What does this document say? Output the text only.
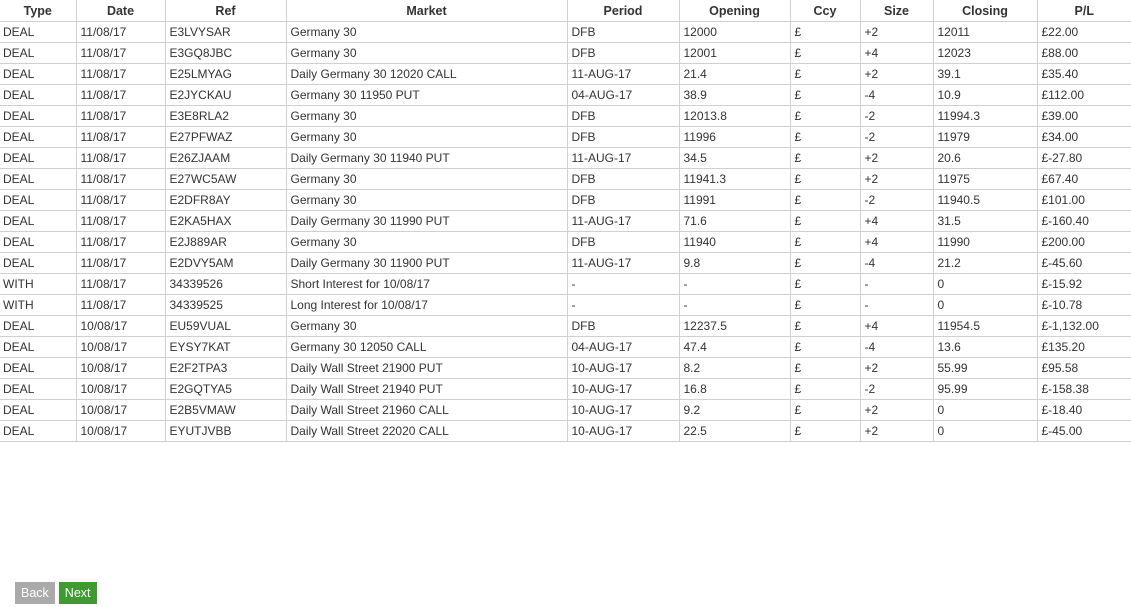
Type	Date	Ref	Market	Period	Opening	Ccy	Size	Closing	P/L
DEAL	11/08/17	E3LVYSAR	Germany 30	DFB	12000	£	+2	12011	£22.00
DEAL	11/08/17	E3GQ8JBC	Germany 30	DFB	12001	£	+4	12023	£88.00
DEAL	11/08/17	E25LMYAG	Daily Germany 30 12020 CALL	11-AUG-17	21.4	£	+2	39.1	£35.40
DEAL	11/08/17	E2JYCKAU	Germany 30 11950 PUT	04-AUG-17	38.9	£	-4	10.9	£112.00
DEAL	11/08/17	E3E8RLA2	Germany 30	DFB	12013.8	£	-2	11994.3	£39.00
DEAL	11/08/17	E27PFWAZ	Germany 30	DFB	11996	£	-2	11979	£34.00
DEAL	11/08/17	E26ZJAAM	Daily Germany 30 11940 PUT	11-AUG-17	34.5	£	+2	20.6	£-27.80
DEAL	11/08/17	E27WC5AW	Germany 30	DFB	11941.3	£	+2	11975	£67.40
DEAL	11/08/17	E2DFR8AY	Germany 30	DFB	11991	£	-2	11940.5	£101.00
DEAL	11/08/17	E2KA5HAX	Daily Germany 30 11990 PUT	11-AUG-17	71.6	£	+4	31.5	£-160.40
DEAL	11/08/17	E2J889AR	Germany 30	DFB	11940	£	+4	11990	£200.00
DEAL	11/08/17	E2DVY5AM	Daily Germany 30 11900 PUT	11-AUG-17	9.8	£	-4	21.2	£-45.60
WITH	11/08/17	34339526	Short Interest for 10/08/17	-	-	£	-	0	£-15.92
WITH	11/08/17	34339525	Long Interest for 10/08/17	-	-	£	-	0	£-10.78
DEAL	10/08/17	EU59VUAL	Germany 30	DFB	12237.5	£	+4	11954.5	£-1,132.00
DEAL	10/08/17	EYSY7KAT	Germany 30 12050 CALL	04-AUG-17	47.4	£	-4	13.6	£135.20
DEAL	10/08/17	E2F2TPA3	Daily Wall Street 21900 PUT	10-AUG-17	8.2	£	+2	55.99	£95.58
DEAL	10/08/17	E2GQTYA5	Daily Wall Street 21940 PUT	10-AUG-17	16.8	£	-2	95.99	£-158.38
DEAL	10/08/17	E2B5VMAW	Daily Wall Street 21960 CALL	10-AUG-17	9.2	£	+2	0	£-18.40
DEAL	10/08/17	EYUTJVBB	Daily Wall Street 22020 CALL	10-AUG-17	22.5	£	+2	0	£-45.00
Back	Next
